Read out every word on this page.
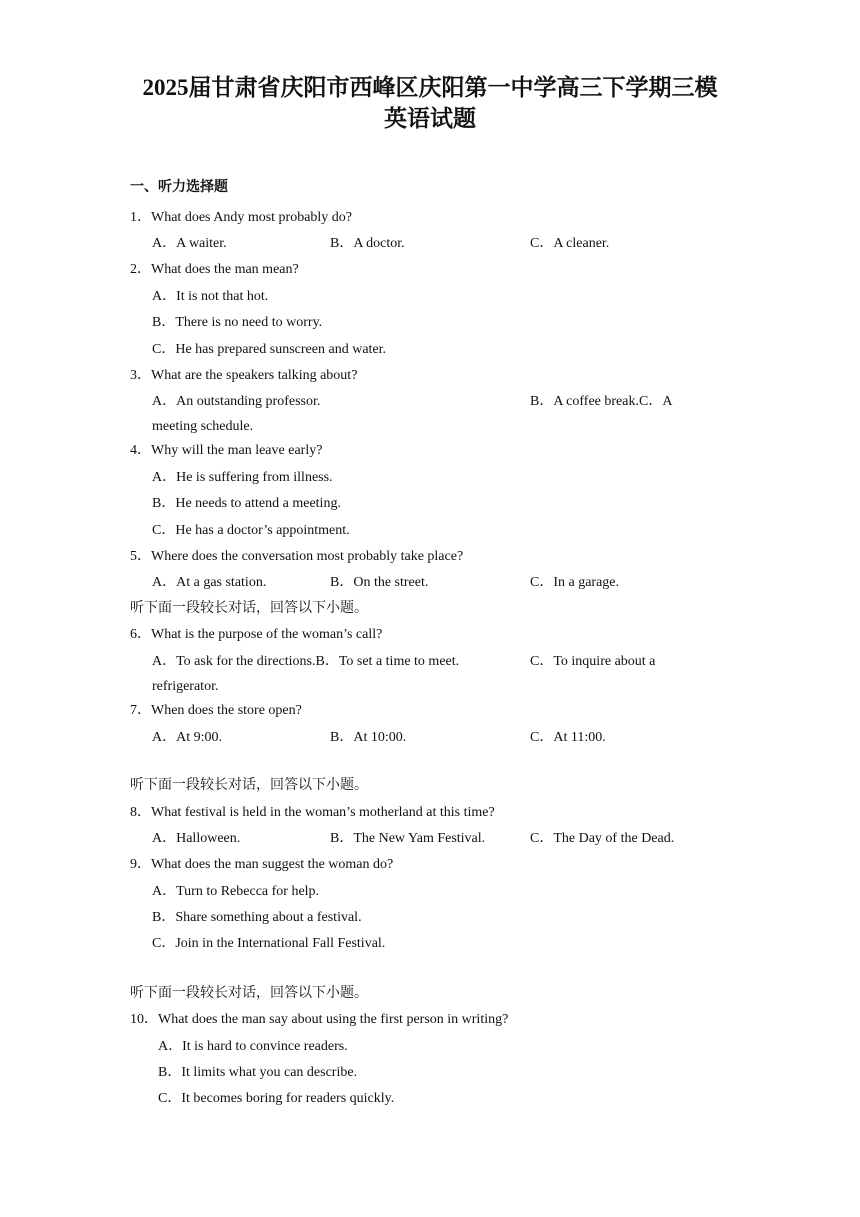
2025届甘肃省庆阳市西峰区庆阳第一中学高三下学期三模
英语试题
一、听力选择题
1．What does Andy most probably do?
A．A waiter.	B．A doctor.	C．A cleaner.
2．What does the man mean?
A．It is not that hot.
B．There is no need to worry.
C．He has prepared sunscreen and water.
3．What are the speakers talking about?
A．An outstanding professor.	B．A coffee break.C．A
meeting schedule.
4．Why will the man leave early?
A．He is suffering from illness.
B．He needs to attend a meeting.
C．He has a doctor’s appointment.
5．Where does the conversation most probably take place?
A．At a gas station.	B．On the street.	C．In a garage.
听下面一段较长对话，回答以下小题。
6．What is the purpose of the woman’s call?
A．To ask for the directions.B．To set a time to meet.	C．To inquire about a
refrigerator.
7．When does the store open?
A．At 9:00.	B．At 10:00.	C．At 11:00.
听下面一段较长对话，回答以下小题。
8．What festival is held in the woman’s motherland at this time?
A．Halloween.	B．The New Yam Festival.	C．The Day of the Dead.
9．What does the man suggest the woman do?
A．Turn to Rebecca for help.
B．Share something about a festival.
C．Join in the International Fall Festival.
听下面一段较长对话，回答以下小题。
10．What does the man say about using the first person in writing?
A．It is hard to convince readers.
B．It limits what you can describe.
C．It becomes boring for readers quickly.
